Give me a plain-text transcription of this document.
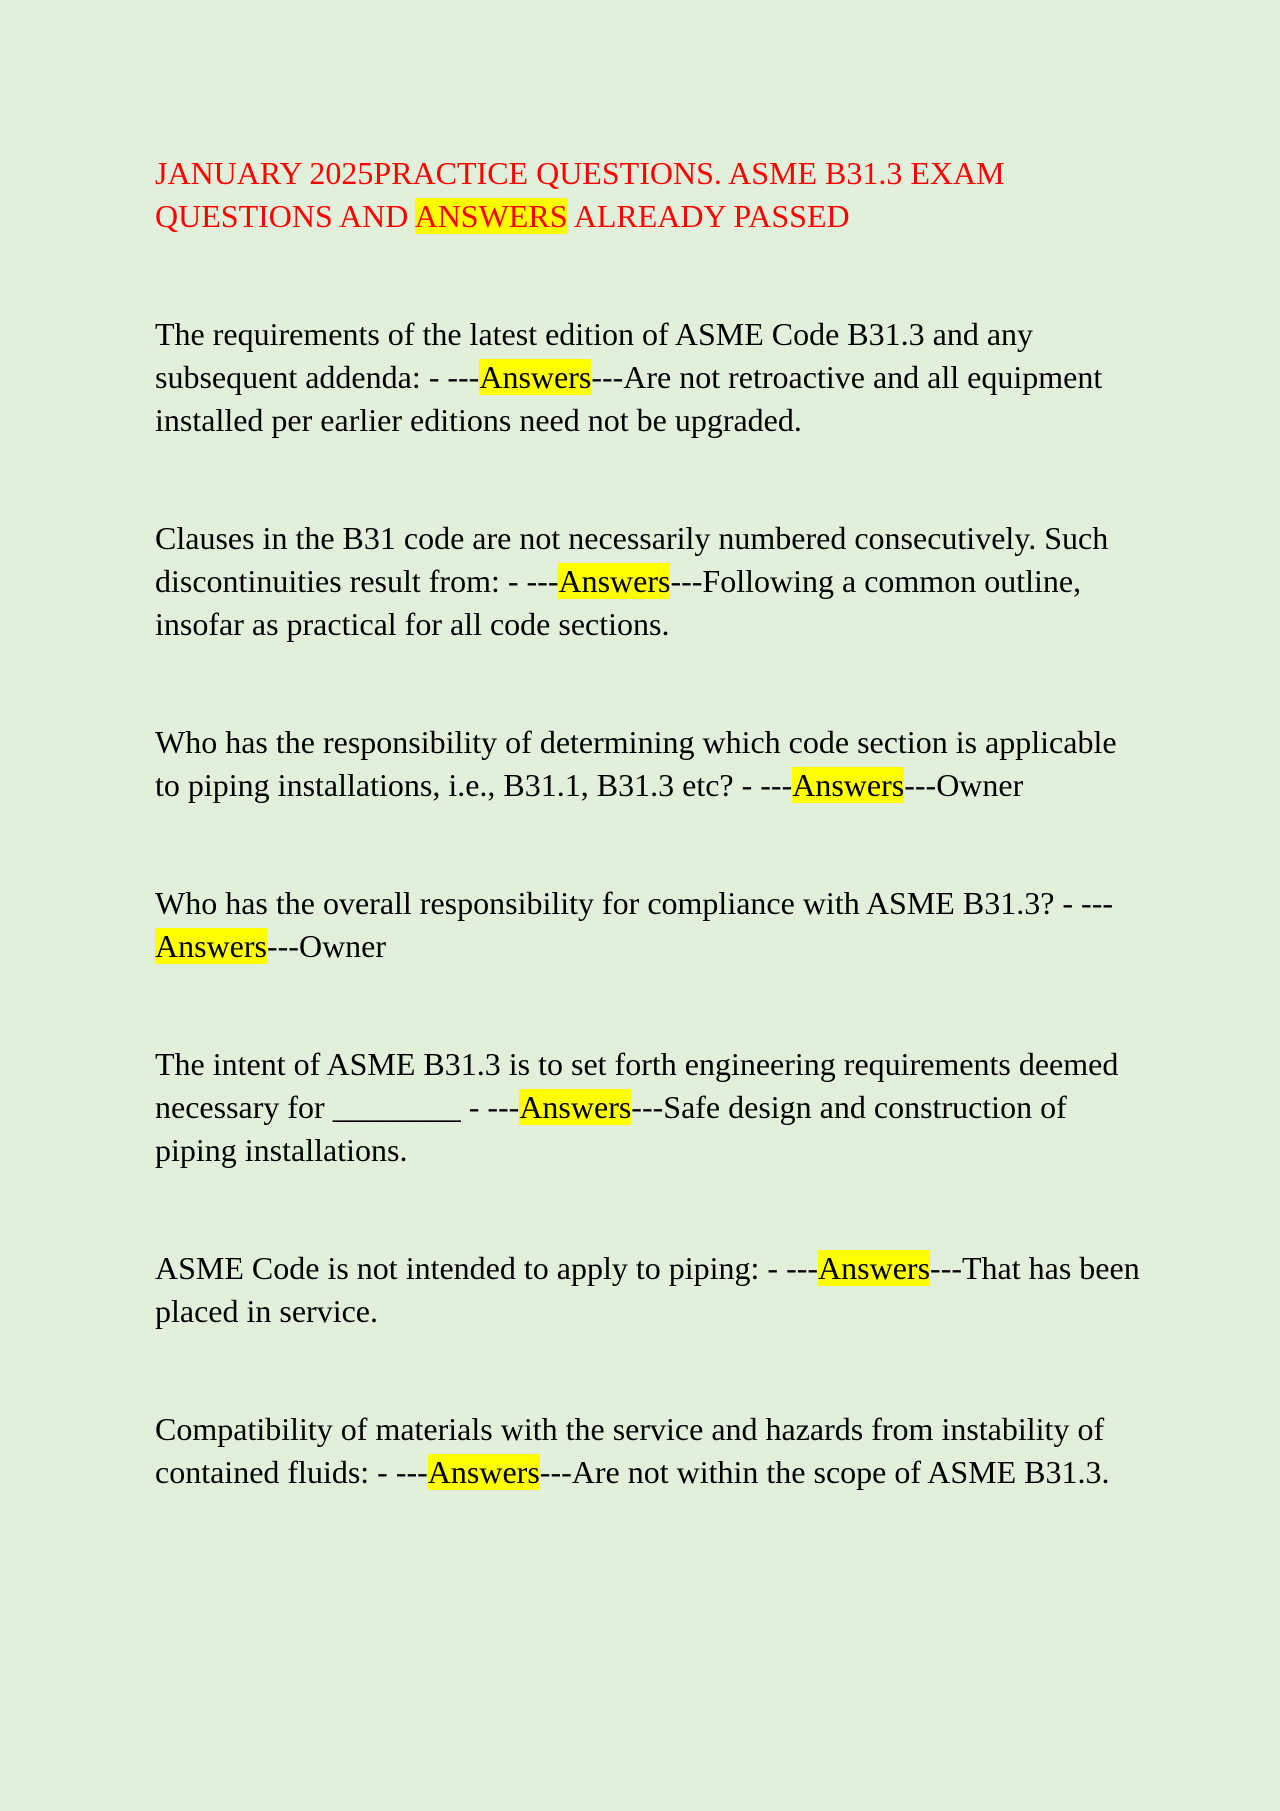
JANUARY 2025PRACTICE QUESTIONS. ASME B31.3 EXAM QUESTIONS AND ANSWERS ALREADY PASSED

The requirements of the latest edition of ASME Code B31.3 and any subsequent addenda: - ---Answers---Are not retroactive and all equipment installed per earlier editions need not be upgraded.

Clauses in the B31 code are not necessarily numbered consecutively. Such discontinuities result from: - ---Answers---Following a common outline, insofar as practical for all code sections.

Who has the responsibility of determining which code section is applicable to piping installations, i.e., B31.1, B31.3 etc? - ---Answers---Owner

Who has the overall responsibility for compliance with ASME B31.3? - ---Answers---Owner

The intent of ASME B31.3 is to set forth engineering requirements deemed necessary for ________ - ---Answers---Safe design and construction of piping installations.

ASME Code is not intended to apply to piping: - ---Answers---That has been placed in service.

Compatibility of materials with the service and hazards from instability of contained fluids: - ---Answers---Are not within the scope of ASME B31.3.
